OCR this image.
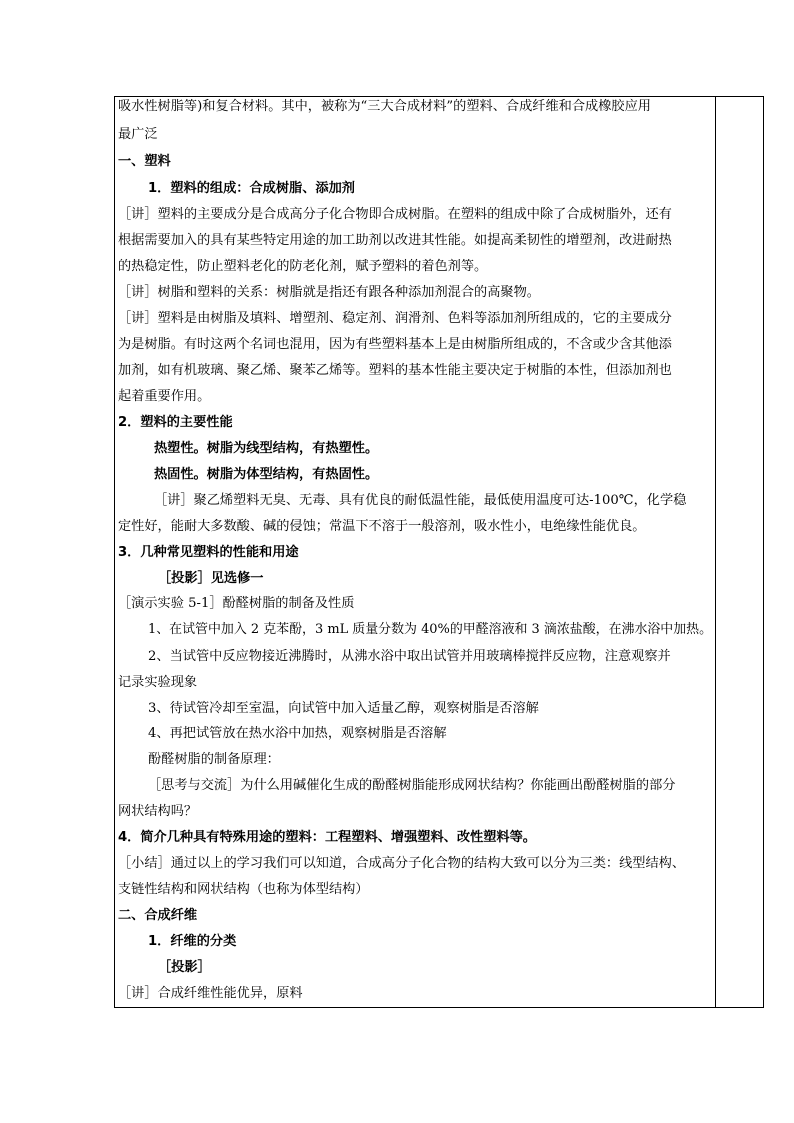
吸水性树脂等)和复合材料。其中，被称为“三大合成材料”的塑料、合成纤维和合成橡胶应用
最广泛
一、塑料
1．塑料的组成：合成树脂、添加剂
［讲］塑料的主要成分是合成高分子化合物即合成树脂。在塑料的组成中除了合成树脂外，还有
根据需要加入的具有某些特定用途的加工助剂以改进其性能。如提高柔韧性的增塑剂，改进耐热
的热稳定性，防止塑料老化的防老化剂，赋予塑料的着色剂等。
［讲］树脂和塑料的关系：树脂就是指还有跟各种添加剂混合的高聚物。
［讲］塑料是由树脂及填料、增塑剂、稳定剂、润滑剂、色料等添加剂所组成的，它的主要成分
为是树脂。有时这两个名词也混用，因为有些塑料基本上是由树脂所组成的，不含或少含其他添
加剂，如有机玻璃、聚乙烯、聚苯乙烯等。塑料的基本性能主要决定于树脂的本性，但添加剂也
起着重要作用。
2．塑料的主要性能
热塑性。树脂为线型结构，有热塑性。
热固性。树脂为体型结构，有热固性。
［讲］聚乙烯塑料无臭、无毒、具有优良的耐低温性能，最低使用温度可达-100℃，化学稳
定性好，能耐大多数酸、碱的侵蚀；常温下不溶于一般溶剂，吸水性小，电绝缘性能优良。
3．几种常见塑料的性能和用途
［投影］见选修一
［演示实验 5-1］酚醛树脂的制备及性质
1、在试管中加入 2 克苯酚，3 mL 质量分数为 40%的甲醛溶液和 3 滴浓盐酸，在沸水浴中加热。
2、当试管中反应物接近沸腾时，从沸水浴中取出试管并用玻璃棒搅拌反应物，注意观察并
记录实验现象
3、待试管冷却至室温，向试管中加入适量乙醇，观察树脂是否溶解
4、再把试管放在热水浴中加热，观察树脂是否溶解
酚醛树脂的制备原理：
［思考与交流］为什么用碱催化生成的酚醛树脂能形成网状结构？你能画出酚醛树脂的部分
网状结构吗？
4．简介几种具有特殊用途的塑料：工程塑料、增强塑料、改性塑料等。
［小结］通过以上的学习我们可以知道，合成高分子化合物的结构大致可以分为三类：线型结构、
支链性结构和网状结构（也称为体型结构）
二、合成纤维
1．纤维的分类
［投影］
［讲］合成纤维性能优异，原料
